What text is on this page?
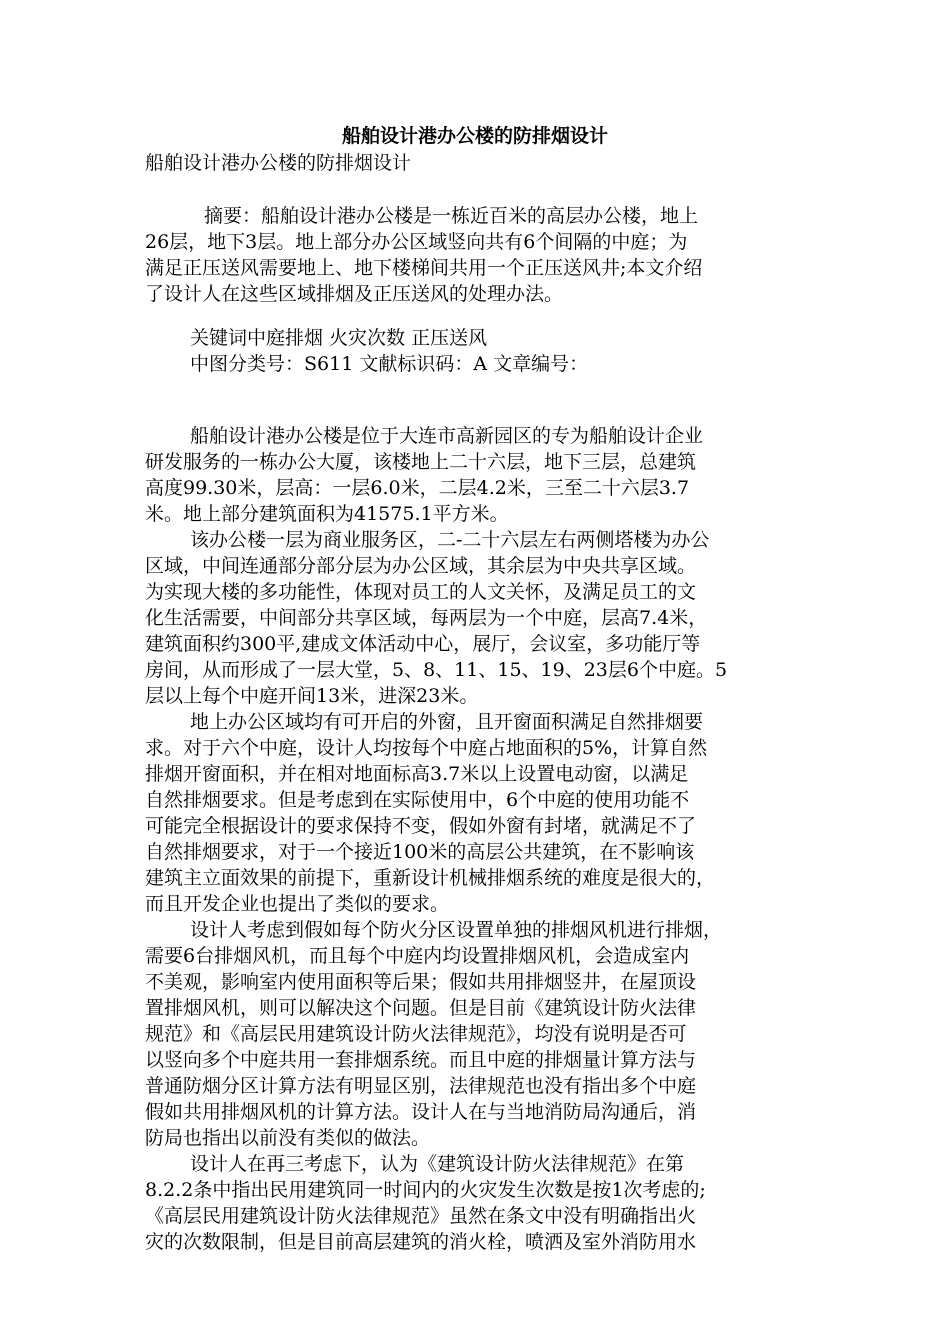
船舶设计港办公楼的防排烟设计
船舶设计港办公楼的防排烟设计
摘要：船舶设计港办公楼是一栋近百米的高层办公楼，地上
26层，地下3层。地上部分办公区域竖向共有6个间隔的中庭；为
满足正压送风需要地上、地下楼梯间共用一个正压送风井;本文介绍
了设计人在这些区域排烟及正压送风的处理办法。
关键词中庭排烟 火灾次数 正压送风
中图分类号：S611 文献标识码：A 文章编号：
船舶设计港办公楼是位于大连市高新园区的专为船舶设计企业
研发服务的一栋办公大厦，该楼地上二十六层，地下三层，总建筑
高度99.30米，层高：一层6.0米，二层4.2米，三至二十六层3.7
米。地上部分建筑面积为41575.1平方米。
该办公楼一层为商业服务区，二-二十六层左右两侧塔楼为办公
区域，中间连通部分部分层为办公区域，其余层为中央共享区域。
为实现大楼的多功能性，体现对员工的人文关怀，及满足员工的文
化生活需要，中间部分共享区域，每两层为一个中庭，层高7.4米，
建筑面积约300平,建成文体活动中心，展厅，会议室，多功能厅等
房间，从而形成了一层大堂，5、8、11、15、19、23层6个中庭。5
层以上每个中庭开间13米，进深23米。
地上办公区域均有可开启的外窗，且开窗面积满足自然排烟要
求。对于六个中庭，设计人均按每个中庭占地面积的5%，计算自然
排烟开窗面积，并在相对地面标高3.7米以上设置电动窗，以满足
自然排烟要求。但是考虑到在实际使用中，6个中庭的使用功能不
可能完全根据设计的要求保持不变，假如外窗有封堵，就满足不了
自然排烟要求，对于一个接近100米的高层公共建筑，在不影响该
建筑主立面效果的前提下，重新设计机械排烟系统的难度是很大的，
而且开发企业也提出了类似的要求。
设计人考虑到假如每个防火分区设置单独的排烟风机进行排烟，
需要6台排烟风机，而且每个中庭内均设置排烟风机，会造成室内
不美观，影响室内使用面积等后果；假如共用排烟竖井，在屋顶设
置排烟风机，则可以解决这个问题。但是目前《建筑设计防火法律
规范》和《高层民用建筑设计防火法律规范》，均没有说明是否可
以竖向多个中庭共用一套排烟系统。而且中庭的排烟量计算方法与
普通防烟分区计算方法有明显区别，法律规范也没有指出多个中庭
假如共用排烟风机的计算方法。设计人在与当地消防局沟通后，消
防局也指出以前没有类似的做法。
设计人在再三考虑下，认为《建筑设计防火法律规范》在第
8.2.2条中指出民用建筑同一时间内的火灾发生次数是按1次考虑的;
《高层民用建筑设计防火法律规范》虽然在条文中没有明确指出火
灾的次数限制，但是目前高层建筑的消火栓，喷洒及室外消防用水
